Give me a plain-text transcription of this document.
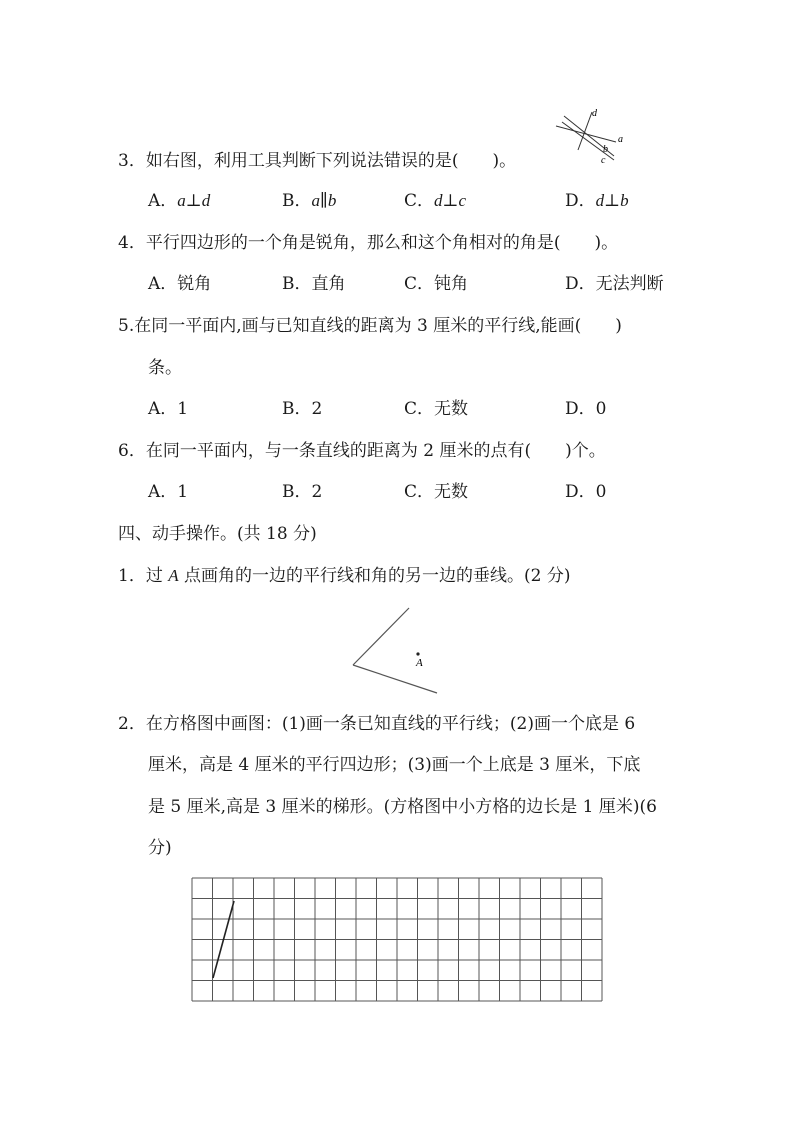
d
a
b
c
3．如右图，利用工具判断下列说法错误的是(　　)。
A．a⊥d	B．a∥b	C．d⊥c	D．d⊥b
4．平行四边形的一个角是锐角，那么和这个角相对的角是(　　)。
A．锐角	B．直角	C．钝角	D．无法判断
5.在同一平面内,画与已知直线的距离为 3 厘米的平行线,能画(　　)
条。
A．1	B．2	C．无数	D．0
6．在同一平面内，与一条直线的距离为 2 厘米的点有(　　)个。
A．1	B．2	C．无数	D．0
四、动手操作。(共 18 分)
1．过 A 点画角的一边的平行线和角的另一边的垂线。(2 分)
A
2．在方格图中画图：(1)画一条已知直线的平行线；(2)画一个底是 6
厘米，高是 4 厘米的平行四边形；(3)画一个上底是 3 厘米，下底
是 5 厘米,高是 3 厘米的梯形。(方格图中小方格的边长是 1 厘米)(6
分)
